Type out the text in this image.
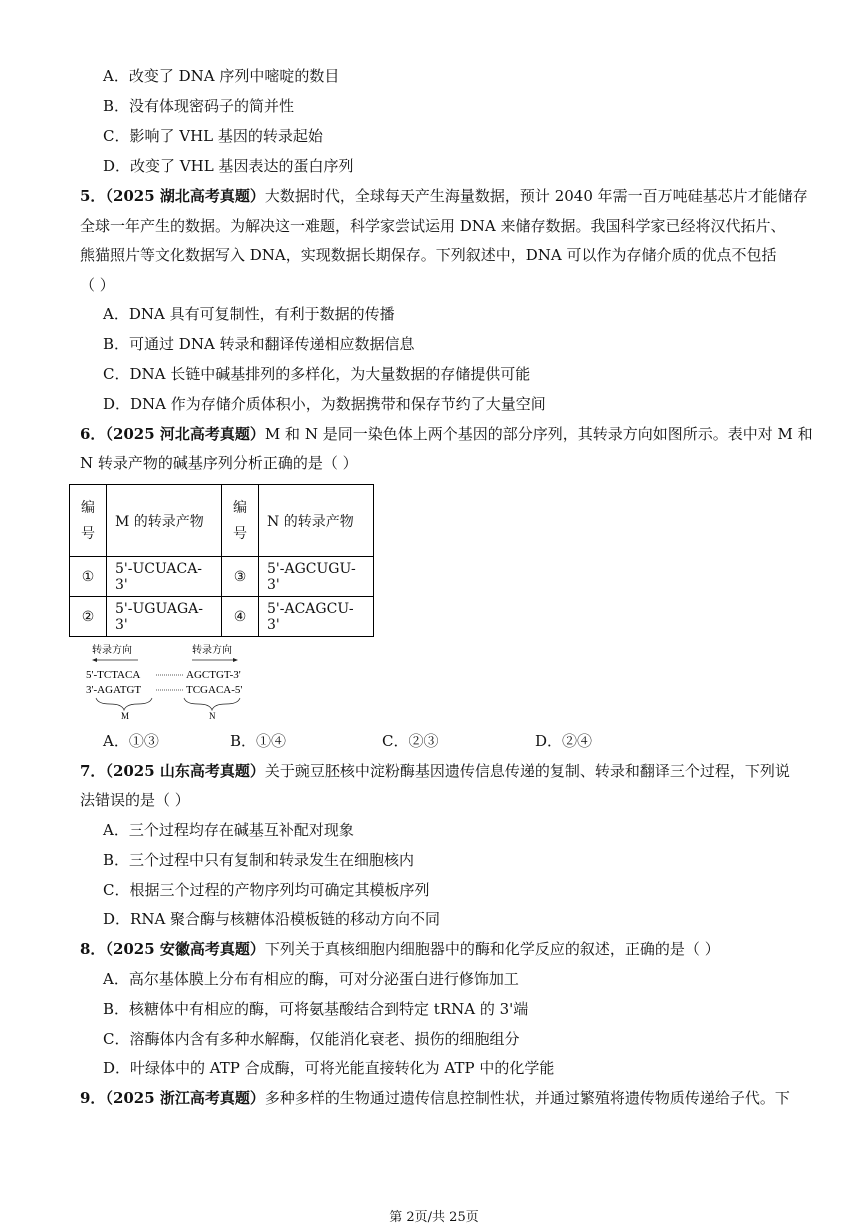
A．改变了 DNA 序列中嘧啶的数目
B．没有体现密码子的简并性
C．影响了 VHL 基因的转录起始
D．改变了 VHL 基因表达的蛋白序列
5．（2025 湖北高考真题）大数据时代，全球每天产生海量数据，预计 2040 年需一百万吨硅基芯片才能储存
全球一年产生的数据。为解决这一难题，科学家尝试运用 DNA 来储存数据。我国科学家已经将汉代拓片、
熊猫照片等文化数据写入 DNA，实现数据长期保存。下列叙述中，DNA 可以作为存储介质的优点不包括
（ ）
A．DNA 具有可复制性，有利于数据的传播
B．可通过 DNA 转录和翻译传递相应数据信息
C．DNA 长链中碱基排列的多样化，为大量数据的存储提供可能
D．DNA 作为存储介质体积小，为数据携带和保存节约了大量空间
6．（2025 河北高考真题）M 和 N 是同一染色体上两个基因的部分序列，其转录方向如图所示。表中对 M 和
N 转录产物的碱基序列分析正确的是（ ）
编号	M 的转录产物	编号	N 的转录产物
①	5'-UCUACA-3'	③	5'-AGCUGU-3'
②	5'-UGUAGA-3'	④	5'-ACAGCU-3'
转录方向	转录方向
5'-TCTACA	AGCTGT-3'
3'-AGATGT	TCGACA-5'
M	N
A．①③	B．①④	C．②③	D．②④
7．（2025 山东高考真题）关于豌豆胚核中淀粉酶基因遗传信息传递的复制、转录和翻译三个过程，下列说
法错误的是（ ）
A．三个过程均存在碱基互补配对现象
B．三个过程中只有复制和转录发生在细胞核内
C．根据三个过程的产物序列均可确定其模板序列
D．RNA 聚合酶与核糖体沿模板链的移动方向不同
8．（2025 安徽高考真题）下列关于真核细胞内细胞器中的酶和化学反应的叙述，正确的是（ ）
A．高尔基体膜上分布有相应的酶，可对分泌蛋白进行修饰加工
B．核糖体中有相应的酶，可将氨基酸结合到特定 tRNA 的 3'端
C．溶酶体内含有多种水解酶，仅能消化衰老、损伤的细胞组分
D．叶绿体中的 ATP 合成酶，可将光能直接转化为 ATP 中的化学能
9．（2025 浙江高考真题）多种多样的生物通过遗传信息控制性状，并通过繁殖将遗传物质传递给子代。下
第 2页/共 25页
